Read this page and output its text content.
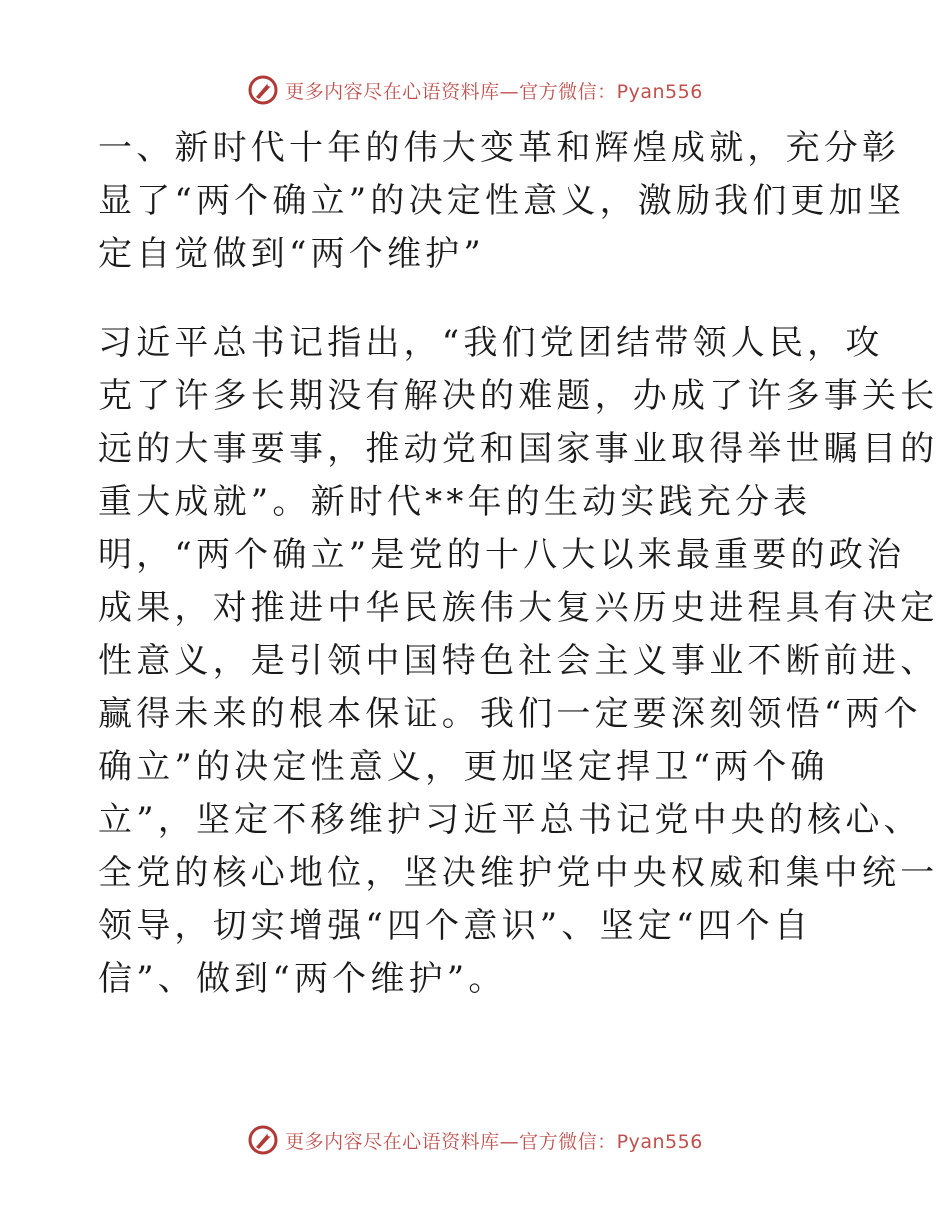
更多内容尽在心语资料库—官方微信：Pyan556
一、新时代十年的伟大变革和辉煌成就，充分彰
显了“两个确立”的决定性意义，激励我们更加坚
定自觉做到“两个维护”
习近平总书记指出，“我们党团结带领人民，攻
克了许多长期没有解决的难题，办成了许多事关长
远的大事要事，推动党和国家事业取得举世瞩目的
重大成就”。新时代**年的生动实践充分表
明，“两个确立”是党的十八大以来最重要的政治
成果，对推进中华民族伟大复兴历史进程具有决定
性意义，是引领中国特色社会主义事业不断前进、
赢得未来的根本保证。我们一定要深刻领悟“两个
确立”的决定性意义，更加坚定捍卫“两个确
立”，坚定不移维护习近平总书记党中央的核心、
全党的核心地位，坚决维护党中央权威和集中统一
领导，切实增强“四个意识”、坚定“四个自
信”、做到“两个维护”。
更多内容尽在心语资料库—官方微信：Pyan556
